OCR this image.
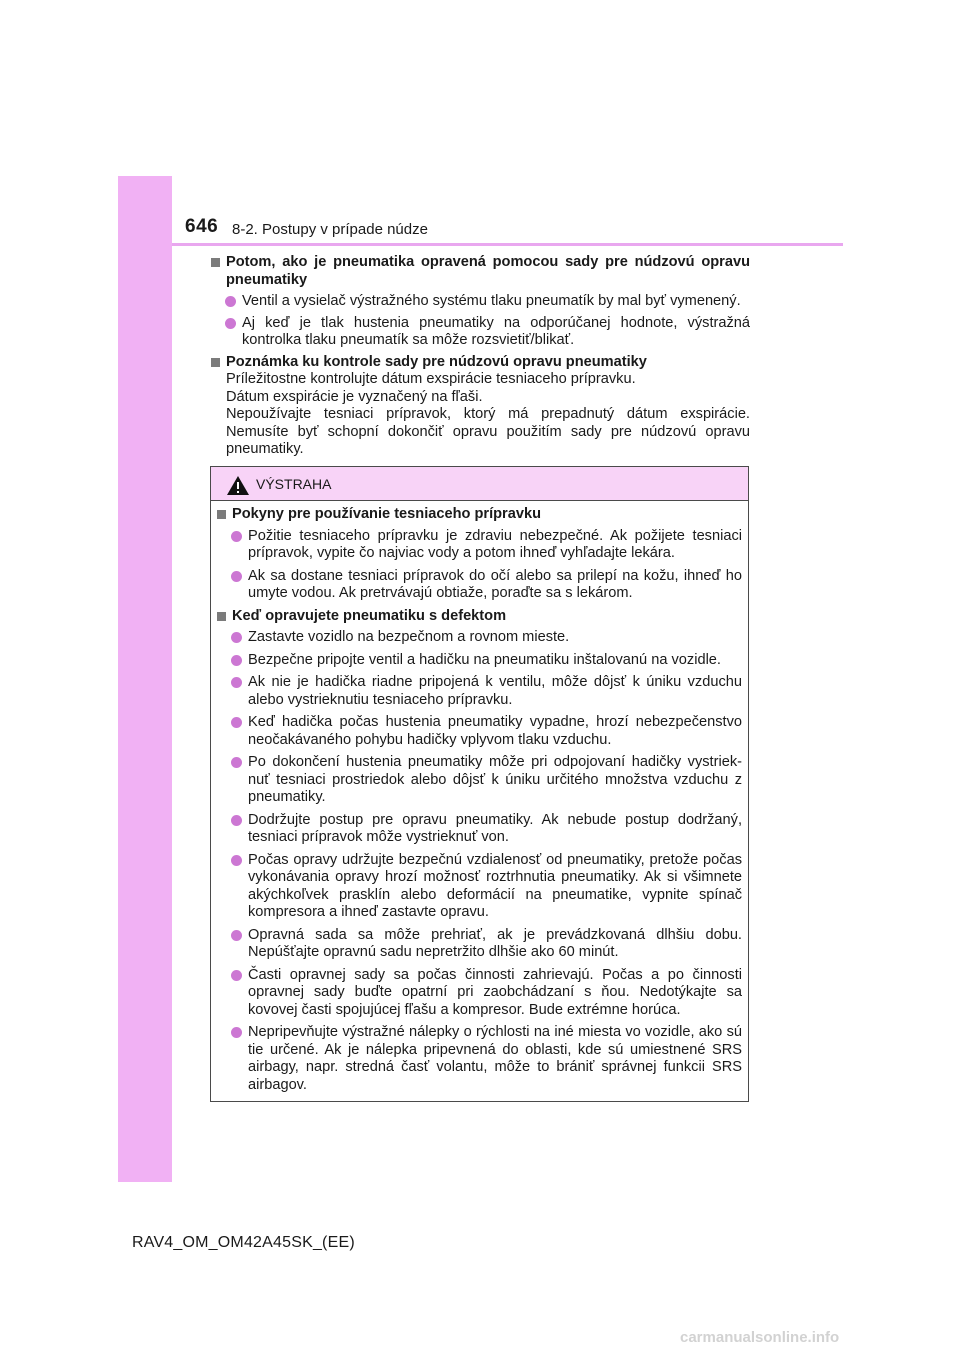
646 8-2. Postupy v prípade núdze
Potom, ako je pneumatika opravená pomocou sady pre núdzovú opravu pneumatiky
Ventil a vysielač výstražného systému tlaku pneumatík by mal byť vymenený.
Aj keď je tlak hustenia pneumatiky na odporúčanej hodnote, výstražná kontrolka tlaku pneumatík sa môže rozsvietiť/blikať.
Poznámka ku kontrole sady pre núdzovú opravu pneumatiky
Príležitostne kontrolujte dátum exspirácie tesniaceho prípravku.
Dátum exspirácie je vyznačený na fľaši.
Nepoužívajte tesniaci prípravok, ktorý má prepadnutý dátum exspirácie. Nemusíte byť schopní dokončiť opravu použitím sady pre núdzovú opravu pneumatiky.
VÝSTRAHA
Pokyny pre používanie tesniaceho prípravku
Požitie tesniaceho prípravku je zdraviu nebezpečné. Ak požijete tesniaci prípravok, vypite čo najviac vody a potom ihneď vyhľadajte lekára.
Ak sa dostane tesniaci prípravok do očí alebo sa prilepí na kožu, ihneď ho umyte vodou. Ak pretrvávajú obtiaže, poraďte sa s lekárom.
Keď opravujete pneumatiku s defektom
Zastavte vozidlo na bezpečnom a rovnom mieste.
Bezpečne pripojte ventil a hadičku na pneumatiku inštalovanú na vozidle.
Ak nie je hadička riadne pripojená k ventilu, môže dôjsť k úniku vzduchu alebo vystrieknutiu tesniaceho prípravku.
Keď hadička počas hustenia pneumatiky vypadne, hrozí nebezpečenstvo neočakávaného pohybu hadičky vplyvom tlaku vzduchu.
Po dokončení hustenia pneumatiky môže pri odpojovaní hadičky vystriek-nuť tesniaci prostriedok alebo dôjsť k úniku určitého množstva vzduchu z pneumatiky.
Dodržujte postup pre opravu pneumatiky. Ak nebude postup dodržaný, tesniaci prípravok môže vystrieknuť von.
Počas opravy udržujte bezpečnú vzdialenosť od pneumatiky, pretože počas vykonávania opravy hrozí možnosť roztrhnutia pneumatiky. Ak si všimnete akýchkoľvek prasklín alebo deformácií na pneumatike, vypnite spínač kompresora a ihneď zastavte opravu.
Opravná sada sa môže prehriať, ak je prevádzkovaná dlhšiu dobu. Nepúšťajte opravnú sadu nepretržito dlhšie ako 60 minút.
Časti opravnej sady sa počas činnosti zahrievajú. Počas a po činnosti opravnej sady buďte opatrní pri zaobchádzaní s ňou. Nedotýkajte sa kovovej časti spojujúcej fľašu a kompresor. Bude extrémne horúca.
Nepripevňujte výstražné nálepky o rýchlosti na iné miesta vo vozidle, ako sú tie určené. Ak je nálepka pripevnená do oblasti, kde sú umiestnené SRS airbagy, napr. stredná časť volantu, môže to brániť správnej funkcii SRS airbagov.
RAV4_OM_OM42A45SK_(EE)
carmanualsonline.info
